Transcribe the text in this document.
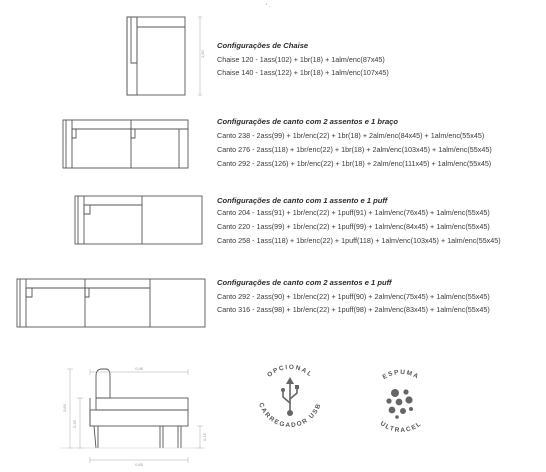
' ·
1,60
Configurações de Chaise
Chaise 120 - 1ass(102) + 1br(18) + 1alm/enc(87x45)
Chaise 140 - 1ass(122) + 1br(18) + 1alm/enc(107x45)
Configurações de canto com 2 assentos e 1 braço
Canto 238 - 2ass(99) + 1br/enc(22) + 1br(18) + 2alm/enc(84x45) + 1alm/enc(55x45)
Canto 276 - 2ass(118) + 1br/enc(22) + 1br(18) + 2alm/enc(103x45) + 1alm/enc(55x45)
Canto 292 - 2ass(126) + 1br/enc(22) + 1br(18) + 2alm/enc(111x45) + 1alm/enc(55x45)
Configurações de canto com 1 assento e 1 puff
Canto 204 - 1ass(91) + 1br/enc(22) + 1puff(91) + 1alm/enc(76x45) + 1alm/enc(55x45)
Canto 220 - 1ass(99) + 1br/enc(22) + 1puff(99) + 1alm/enc(84x45) + 1alm/enc(55x45)
Canto 258 - 1ass(118) + 1br/enc(22) + 1puff(118) + 1alm/enc(103x45) + 1alm/enc(55x45)
Configurações de canto com 2 assentos e 1 puff
Canto 292 - 2ass(90) + 1br/enc(22) + 1puff(90) + 2alm/enc(75x45) + 1alm/enc(55x45)
Canto 316 - 2ass(98) + 1br/enc(22) + 1puff(98) + 2alm/enc(83x45) + 1alm/enc(55x45)
0,98
0,85
0,80
0,45
0,15
OPCIONAL
CARREGADOR USB
ESPUMA
ULTRACEL
